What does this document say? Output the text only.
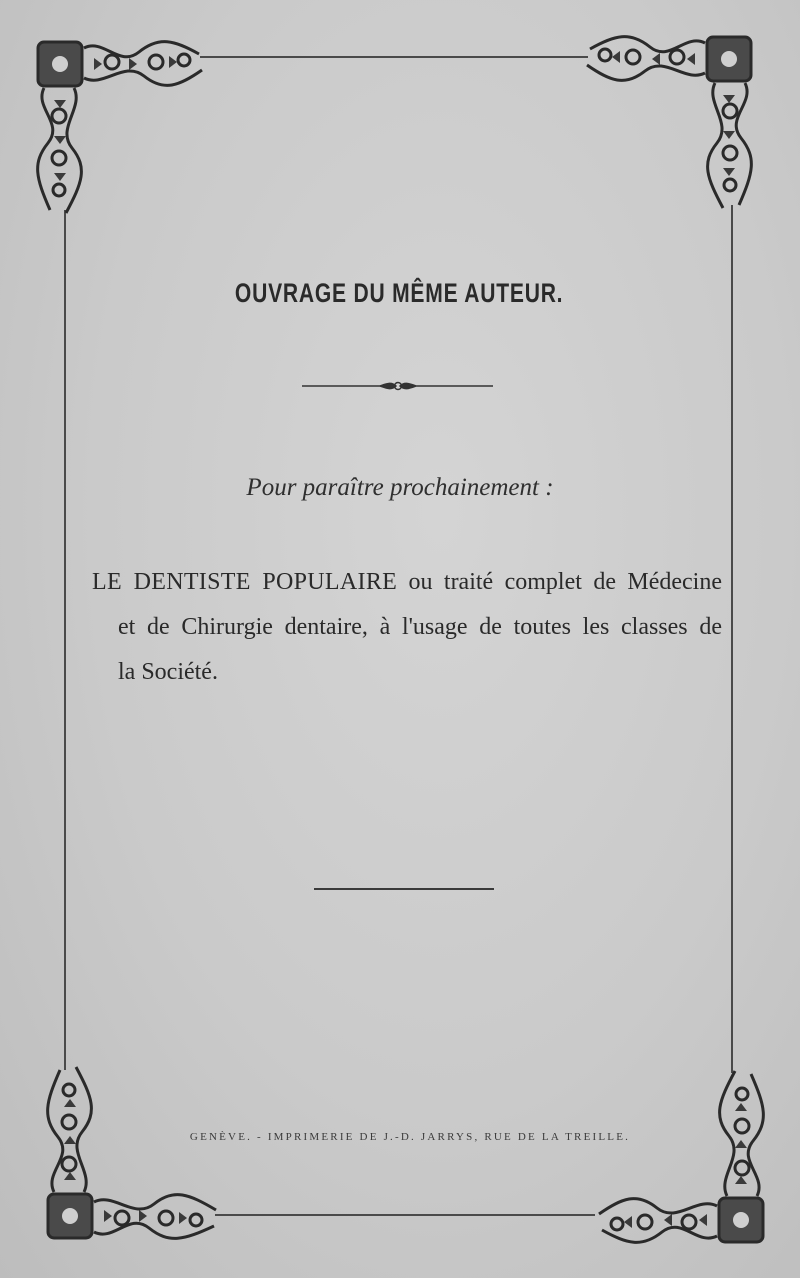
OUVRAGE DU MÊME AUTEUR.
Pour paraître prochainement :
LE DENTISTE POPULAIRE ou traité complet de Médecine
et de Chirurgie dentaire, à l'usage de toutes les classes de
la Société.
GENÈVE. - IMPRIMERIE DE J.-D. JARRYS, RUE DE LA TREILLE.
